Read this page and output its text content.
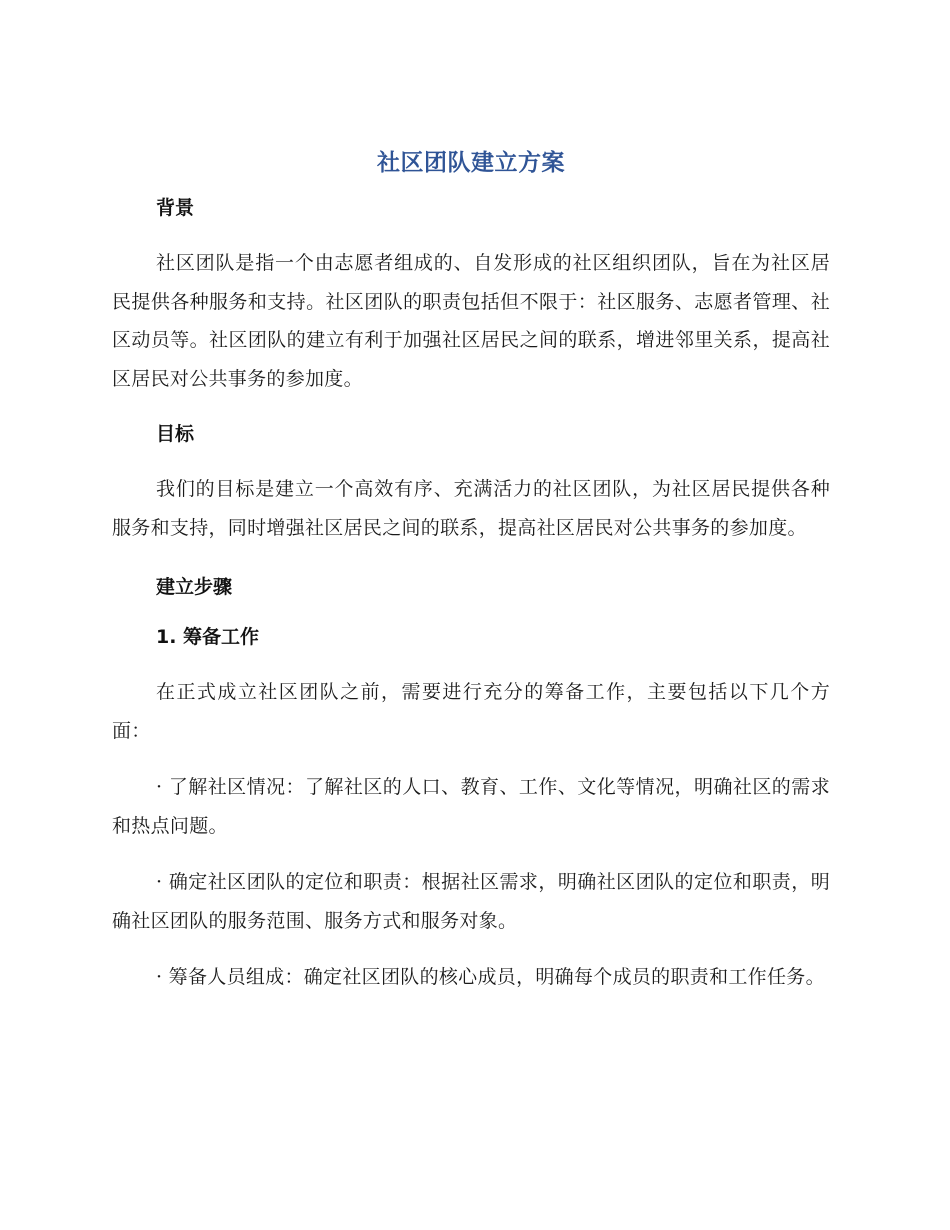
社区团队建立方案
背景

社区团队是指一个由志愿者组成的、自发形成的社区组织团队，旨在为社区居民提供各种服务和支持。社区团队的职责包括但不限于：社区服务、志愿者管理、社区动员等。社区团队的建立有利于加强社区居民之间的联系，增进邻里关系，提高社区居民对公共事务的参加度。

目标

我们的目标是建立一个高效有序、充满活力的社区团队，为社区居民提供各种服务和支持，同时增强社区居民之间的联系，提高社区居民对公共事务的参加度。

建立步骤
1. 筹备工作

在正式成立社区团队之前，需要进行充分的筹备工作，主要包括以下几个方面：

· 了解社区情况：了解社区的人口、教育、工作、文化等情况，明确社区的需求和热点问题。

· 确定社区团队的定位和职责：根据社区需求，明确社区团队的定位和职责，明确社区团队的服务范围、服务方式和服务对象。

· 筹备人员组成：确定社区团队的核心成员，明确每个成员的职责和工作任务。
